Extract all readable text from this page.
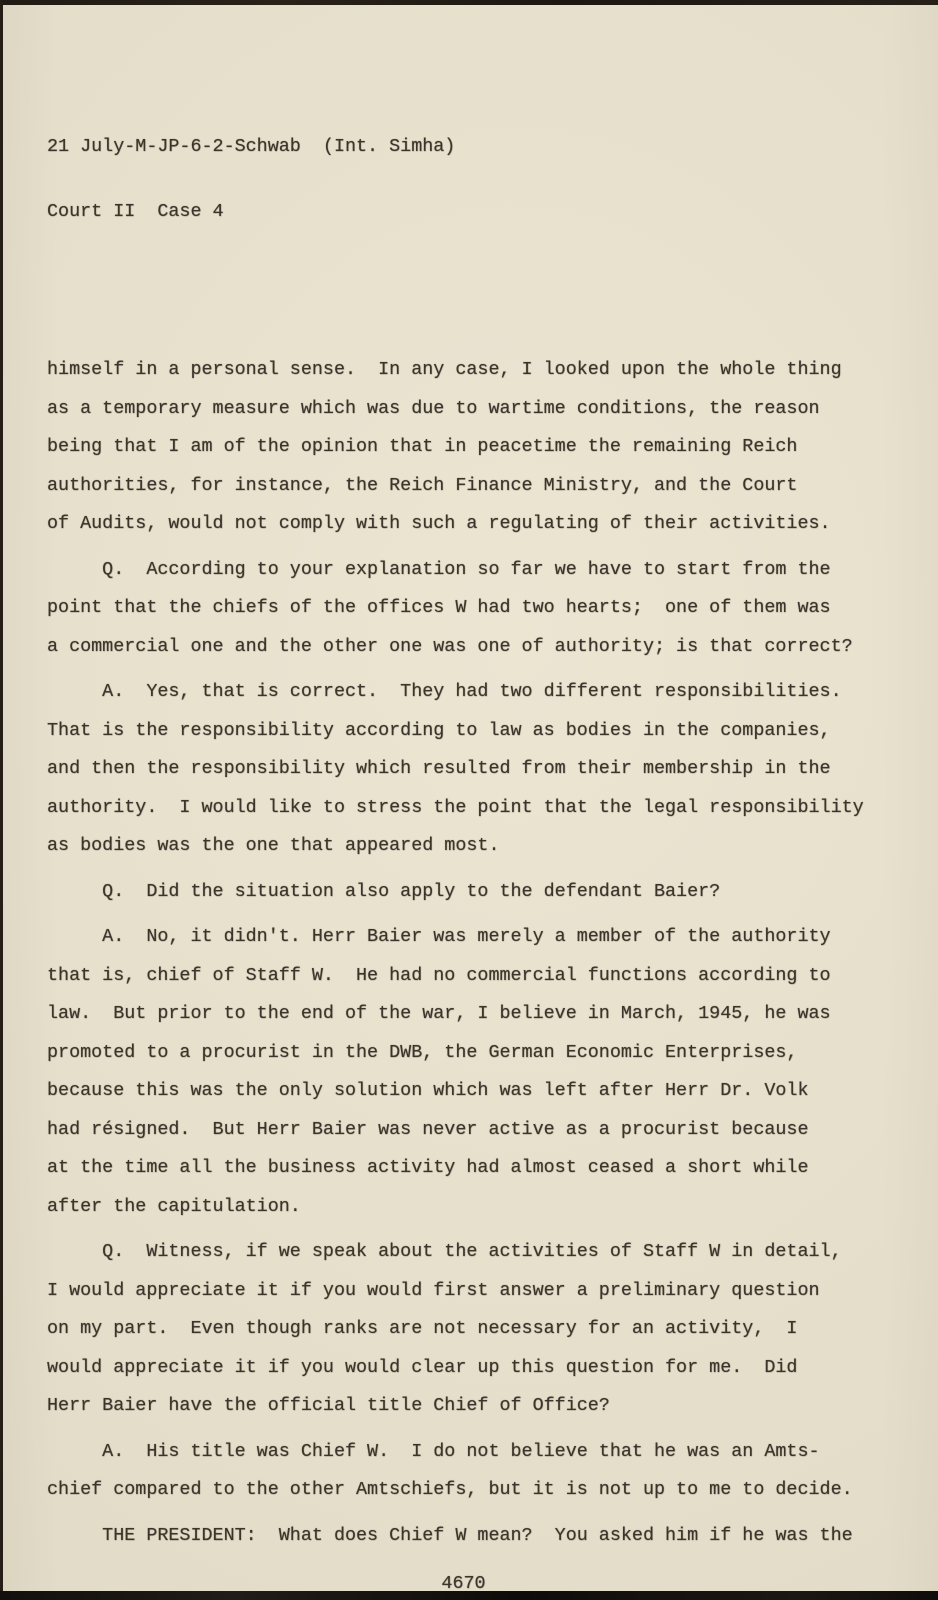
21 July-M-JP-6-2-Schwab  (Int. Simha)

Court II  Case 4

himself in a personal sense.  In any case, I looked upon the whole thing
as a temporary measure which was due to wartime conditions, the reason
being that I am of the opinion that in peacetime the remaining Reich
authorities, for instance, the Reich Finance Ministry, and the Court
of Audits, would not comply with such a regulating of their activities.
Q.  According to your explanation so far we have to start from the
point that the chiefs of the offices W had two hearts;  one of them was
a commercial one and the other one was one of authority; is that correct?
A.  Yes, that is correct.  They had two different responsibilities.
That is the responsibility according to law as bodies in the companies,
and then the responsibility which resulted from their membership in the
authority.  I would like to stress the point that the legal responsibility
as bodies was the one that appeared most.
Q.  Did the situation also apply to the defendant Baier?
A.  No, it didn't. Herr Baier was merely a member of the authority
that is, chief of Staff W.  He had no commercial functions according to
law.  But prior to the end of the war, I believe in March, 1945, he was
promoted to a procurist in the DWB, the German Economic Enterprises,
because this was the only solution which was left after Herr Dr. Volk
had résigned.  But Herr Baier was never active as a procurist because
at the time all the business activity had almost ceased a short while
after the capitulation.
Q.  Witness, if we speak about the activities of Staff W in detail,
I would appreciate it if you would first answer a preliminary question
on my part.  Even though ranks are not necessary for an activity,  I
would appreciate it if you would clear up this question for me.  Did
Herr Baier have the official title Chief of Office?
A.  His title was Chief W.  I do not believe that he was an Amts-
chief compared to the other Amtschiefs, but it is not up to me to decide.
THE PRESIDENT:  What does Chief W mean?  You asked him if he was the
4670
